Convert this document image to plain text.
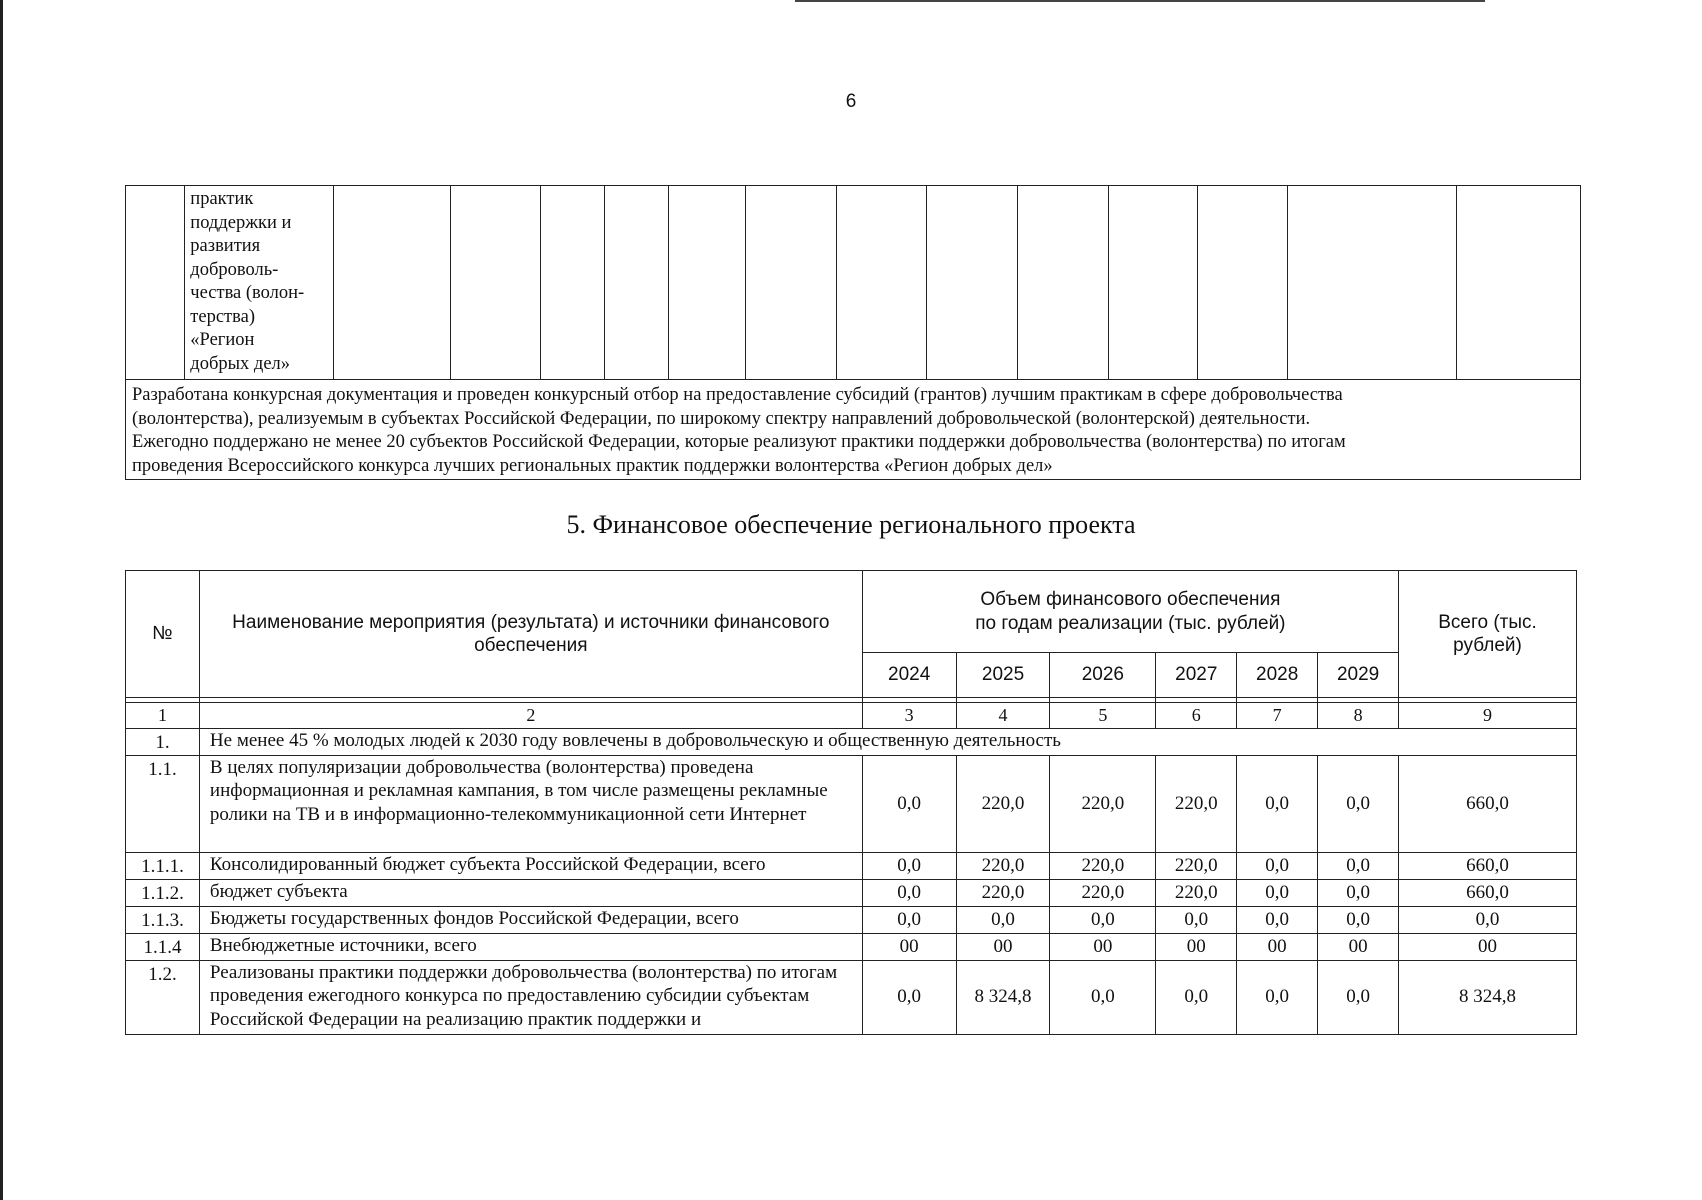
6

практик
поддержки и
развития
доброволь-
чества (волон-
терства)
«Регион
добрых дел»

Разработана конкурсная документация и проведен конкурсный отбор на предоставление субсидий (грантов) лучшим практикам в сфере добровольчества
(волонтерства), реализуемым в субъектах Российской Федерации, по широкому спектру направлений добровольческой (волонтерской) деятельности.
Ежегодно поддержано не менее 20 субъектов Российской Федерации, которые реализуют практики поддержки добровольчества (волонтерства) по итогам
проведения Всероссийского конкурса лучших региональных практик поддержки волонтерства «Регион добрых дел»
5. Финансовое обеспечение регионального проекта
№	Наименование мероприятия (результата) и источники финансового обеспечения	Объем финансового обеспечения
по годам реализации (тыс. рублей)						Всего (тыс. рублей)
		2024	2025	2026	2027	2028	2029	

1	2	3	4	5	6	7	8	9
1.	Не менее 45 % молодых людей к 2030 году вовлечены в добровольческую и общественную деятельность							
1.1.	В целях популяризации добровольчества (волонтерства) проведена информационная и рекламная кампания, в том числе размещены рекламные ролики на ТВ и в информационно-телекоммуникационной сети Интернет	0,0	220,0	220,0	220,0	0,0	0,0	660,0
1.1.1.	Консолидированный бюджет субъекта Российской Федерации, всего	0,0	220,0	220,0	220,0	0,0	0,0	660,0
1.1.2.	бюджет субъекта	0,0	220,0	220,0	220,0	0,0	0,0	660,0
1.1.3.	Бюджеты государственных фондов Российской Федерации, всего	0,0	0,0	0,0	0,0	0,0	0,0	0,0
1.1.4	Внебюджетные источники, всего	00	00	00	00	00	00	00
1.2.	Реализованы практики поддержки добровольчества (волонтерства) по итогам проведения ежегодного конкурса по предоставлению субсидии субъектам Российской Федерации на реализацию практик поддержки и	0,0	8 324,8	0,0	0,0	0,0	0,0	8 324,8
